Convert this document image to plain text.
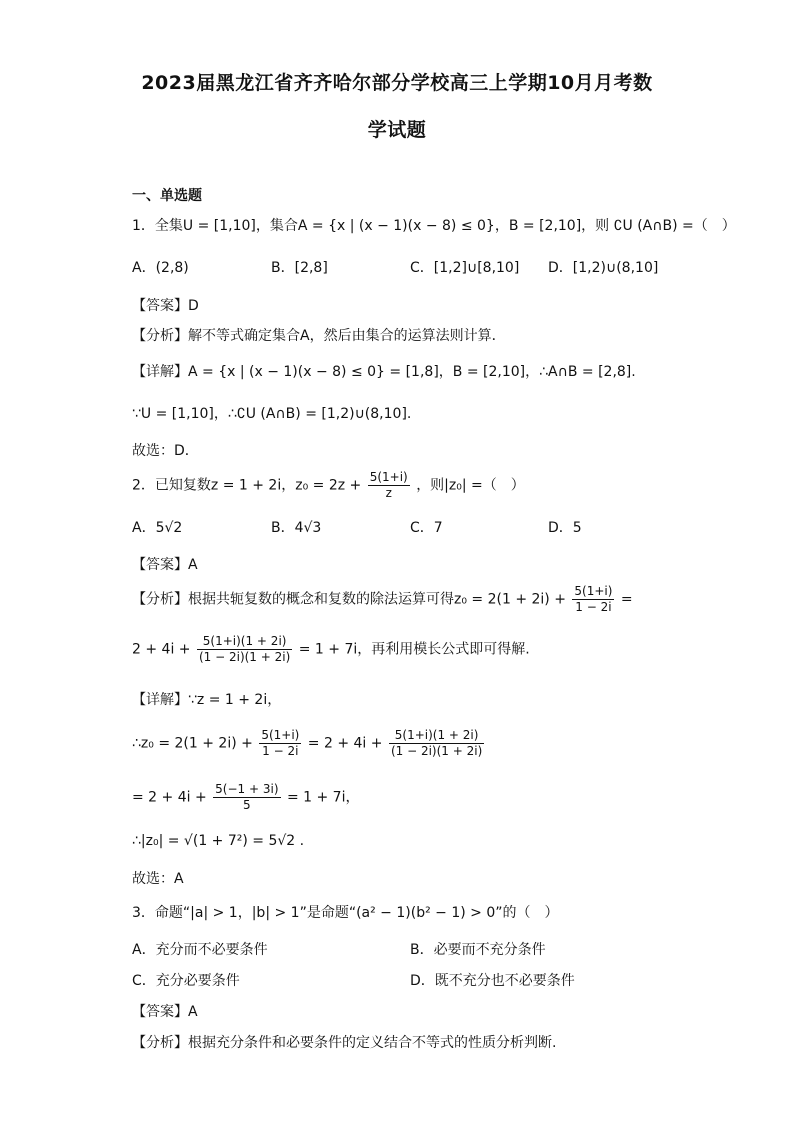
2023届黑龙江省齐齐哈尔部分学校高三上学期10月月考数
学试题
一、单选题
1．全集U = [1,10]，集合A = {x | (x − 1)(x − 8) ≤ 0}，B = [2,10]，则 ∁U (A∩B) =（　）
A．(2,8)	B．[2,8]	C．[1,2]∪[8,10] D．[1,2)∪(8,10]
【答案】D
【分析】解不等式确定集合A，然后由集合的运算法则计算．
【详解】A = {x | (x − 1)(x − 8) ≤ 0} = [1,8]，B = [2,10]，∴A∩B = [2,8].
∵U = [1,10]，∴∁U (A∩B) = [1,2)∪(8,10].
故选：D．
2．已知复数z = 1 + 2i，$z_0 = 2z + \frac{5(1+i)}{z}$ ，则|z₀| =（　）
A．5√2	B．4√3	C．7	D．5
【答案】A
【分析】根据共轭复数的概念和复数的除法运算可得$z_0 = 2(1 + 2i) + \frac{5(1+i)}{1 - 2i}$ =
$2 + 4i + \frac{5(1+i)(1 + 2i)}{(1 - 2i)(1 + 2i)} = 1 + 7i$，再利用模长公式即可得解.
【详解】∵z = 1 + 2i，
∴z₀ = $2(1 + 2i) + \frac{5(1+i)}{1 - 2i} = 2 + 4i + \frac{5(1+i)(1 + 2i)}{(1 - 2i)(1 + 2i)}$
= $2 + 4i + \frac{5(-1 + 3i)}{5} = 1 + 7i$，
∴|z₀| = √(1 + 7²) = 5√2 .
故选：A
3．命题“|a| > 1，|b| > 1”是命题“(a² − 1)(b² − 1) > 0”的（　）
A．充分而不必要条件	B．必要而不充分条件
C．充分必要条件	D．既不充分也不必要条件
【答案】A
【分析】根据充分条件和必要条件的定义结合不等式的性质分析判断.
